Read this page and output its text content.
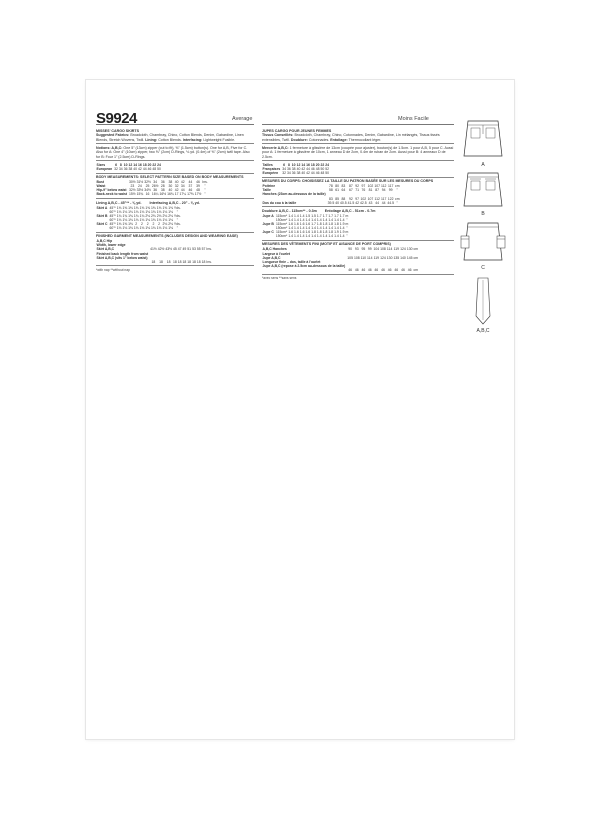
S9924	Average	Moins Facile
MISSES' CARGO SKIRTS

Suggested Fabrics: Broadcloth, Chambray, Chino, Cotton Blends, Denim, Gabardine, Linen Blends, Stretch Wovens, Twill. Lining: Cotton Blends. Interfacing: Lightweight Fusible.

Notions: A,B,C: One 5" (13cm) zipper (cut to fit), ⅝" (1.5cm) button(s). One for A,B, Five for C. Also for A: One 4" (10cm) zipper, two ⅝" (2cm) D-Rings, ⅛ yd. (0.4m) of ⅝" (2cm) twill tape. Also for B: Four 1" (2.5cm) D-Rings.

Sizes	6	8	10	12	14	16	18	20	22	24
European	32	34	36	38	40	42	44	46	48	50
BODY MEASUREMENTS: SELECT PATTERN SIZE BASED ON BODY MEASUREMENTS
Bust	30½	31½	32½	34	36	38	40	42	44	46	Ins.
Waist	23	24	25	26½	28	30	32	34	37	39	"
Hip-9" below waist	32½	33½	34½	36	38	40	42	44	46	48	"
Back-neck to waist	15½	15¾	16	16¼	16½	16¾	17	17¼	17⅜	17½	"
Lining A,B,C - 45"** - ⅜ yd. Interfacing A,B,C - 20" - ⅜ yd.
Skirt A	45"*	1⅜	1⅜	1⅜	1⅜	1⅜	1⅜	1⅜	1⅜	1⅜	1⅜	Yds.
	60"*	1⅛	1⅛	1⅛	1⅛	1⅛	1⅛	1⅛	1⅛	1⅛	1⅛	"
Skirt B	45"*	1¾	1¾	1¾	1¾	1¾	2⅛	2⅛	2⅛	2⅛	2⅛	Yds.
	60"*	1⅛	1⅛	1⅛	1⅛	1⅛	1⅛	1⅛	1⅛	1⅛	1⅛	"
Skirt C	45"*	1⅜	1⅜	1⅜	2	2	2	2	2	2⅛	2⅛	Yds.
	60"*	1⅛	1⅛	1⅛	1⅛	1⅛	1⅛	1⅛	1⅛	1⅛	1⅛	"
FINISHED GARMENT MEASUREMENTS (INCLUDES DESIGN AND WEARING EASE)
A,B,C Hip											
Width, lower edge											
Skirt A,B,C	41½	42½	43½	45	47	49	51	53	55	57	Ins.
Finished back length from waist											
Skirt A,B,C (sits 1" below waist)											
	18	18	18	18	18	18	18	18	18	18	Ins.
*with nap **without nap
JUPES CARGO POUR JEUNES FEMMES

Tissus Conseillés: Broadcloth, Chambray, Chino, Cotonnades, Denim, Gabardine, Lin mélangés, Tissus tissés extensibles, Twill. Doublure: Cotonnades. Entoilage: Thermocollant léger.

Mercerie A,B,C: 1 fermeture à glissière de 13cm (coupée pour ajuster), bouton(s) de 1.5cm. 1 pour A,B, 5 pour C. Aussi pour A: 1 fermeture à glissière de 10cm, 1 anneau D de 2cm, 0.4m de ruban de 2cm. Aussi pour B: 4 anneaux D de 2.5cm.

Tailles	6	8	10	12	14	16	18	20	22	24
Françaises	34	36	38	40	42	44	46	48	50	52
Européen	32	34	36	38	40	42	44	46	48	50
MESURES DU CORPS: CHOISISSEZ LA TAILLE DU PATRON BASÉE SUR LES MESURES DU CORPS
Poitrine	78	80	83	87	92	97	102	107	112	117	cm
Taille	58	61	64	67	71	76	81	87	94	99	"
Hanches (23cm au-dessous de la taille)											
	83	85	88	92	97	102	107	112	117	122	cm
Dos du cou à la taille	39.5	40	40.5	41.5	42	42.5	43	44	44	44.5	"
Doublure A,B,C - 115cm** - 0.3m Entoilage A,B,C - 51cm - 0.7m
Jupe A	115cm*	1.4	1.4	1.4	1.5	1.5	1.7	1.7	1.7	1.7	1.7	m
	150cm*	1.4	1.4	1.4	1.4	1.4	1.4	1.4	1.4	1.4	1.4	"
Jupe B	115cm*	1.6	1.6	1.6	1.6	1.7	1.8	1.8	1.8	1.8	1.9	m
	150cm*	1.4	1.4	1.4	1.4	1.4	1.4	1.4	1.4	1.4	1.4	"
Jupe C	115cm*	1.6	1.6	1.6	1.6	1.8	1.8	1.8	1.8	1.9	1.9	m
	150cm*	1.4	1.4	1.4	1.4	1.4	1.4	1.4	1.4	1.4	1.4	"
MESURES DES VÊTEMENTS FINI (MOTIF ET AISANCE DE PORT COMPRIS)
A,B,C Hanches	90	93	95	99	104	108	114	119	124	130	cm
Largeur à l'ourlet											
Jupe A,B,C	105	108	110	114	119	124	130	135	140	145	cm
Longueur finie – dos, taille à l'ourlet											
Jupe A,B,C (repose à 2.5cm au-dessous de la taille)											
	46	46	46	46	46	46	46	46	46	46	cm
*avec sens **sans sens
A
B
C
A,B,C
